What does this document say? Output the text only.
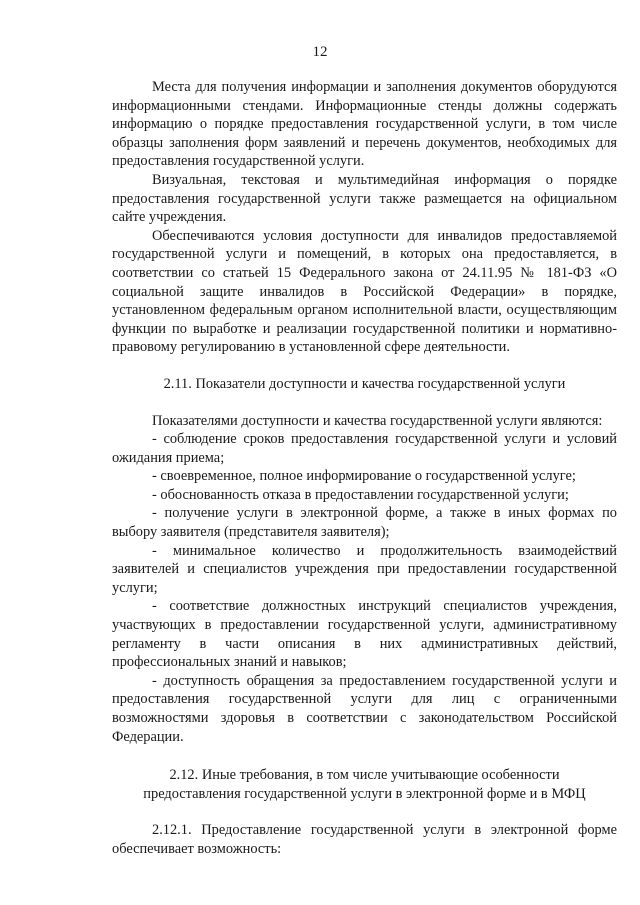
12

Места для получения информации и заполнения документов оборудуются информационными стендами. Информационные стенды должны содержать информацию о порядке предоставления государственной услуги, в том числе образцы заполнения форм заявлений и перечень документов, необходимых для предоставления государственной услуги.

Визуальная, текстовая и мультимедийная информация о порядке предоставления государственной услуги также размещается на официальном сайте учреждения.

Обеспечиваются условия доступности для инвалидов предоставляемой государственной услуги и помещений, в которых она предоставляется, в соответствии со статьей 15 Федерального закона от 24.11.95 № 181-ФЗ «О социальной защите инвалидов в Российской Федерации» в порядке, установленном федеральным органом исполнительной власти, осуществляющим функции по выработке и реализации государственной политики и нормативно-правовому регулированию в установленной сфере деятельности.

2.11. Показатели доступности и качества государственной услуги

Показателями доступности и качества государственной услуги являются:

- соблюдение сроков предоставления государственной услуги и условий ожидания приема;

- своевременное, полное информирование о государственной услуге;

- обоснованность отказа в предоставлении государственной услуги;

- получение услуги в электронной форме, а также в иных формах по выбору заявителя (представителя заявителя);

- минимальное количество и продолжительность взаимодействий заявителей и специалистов учреждения при предоставлении государственной услуги;

- соответствие должностных инструкций специалистов учреждения, участвующих в предоставлении государственной услуги, административному регламенту в части описания в них административных действий, профессиональных знаний и навыков;

- доступность обращения за предоставлением государственной услуги и предоставления государственной услуги для лиц с ограниченными возможностями здоровья в соответствии с законодательством Российской Федерации.

2.12. Иные требования, в том числе учитывающие особенности

предоставления государственной услуги в электронной форме и в МФЦ

2.12.1. Предоставление государственной услуги в электронной форме обеспечивает возможность:
